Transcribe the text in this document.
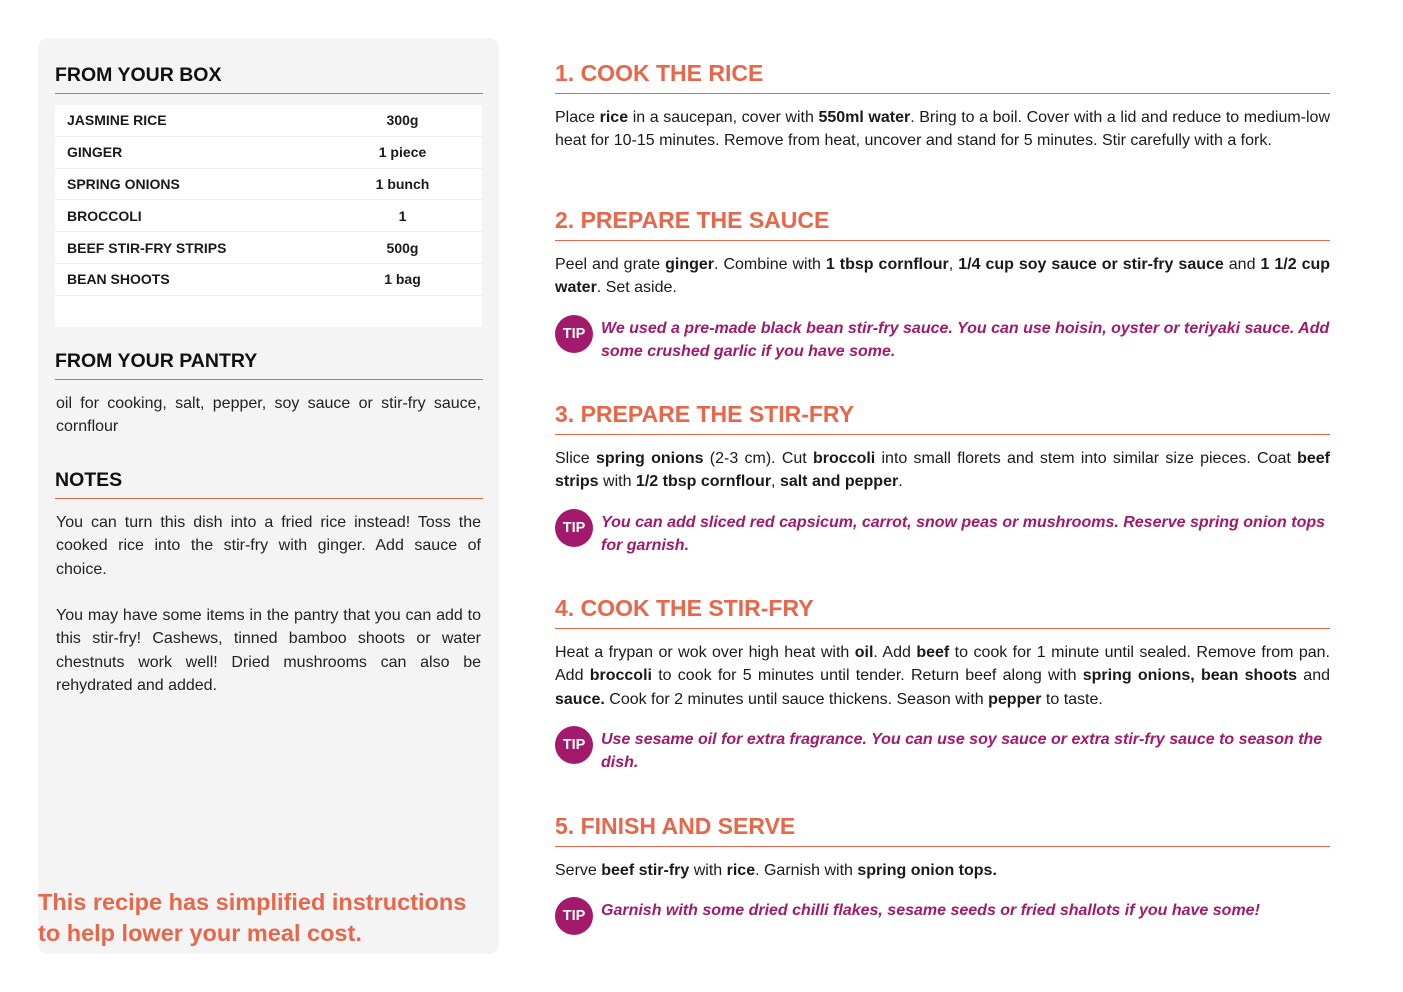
FROM YOUR BOX
JASMINE RICE	300g
GINGER	1 piece
SPRING ONIONS	1 bunch
BROCCOLI	1
BEEF STIR-FRY STRIPS	500g
BEAN SHOOTS	1 bag
FROM YOUR PANTRY
oil for cooking, salt, pepper, soy sauce or stir-fry sauce, cornflour
NOTES
You can turn this dish into a fried rice instead! Toss the cooked rice into the stir-fry with ginger. Add sauce of choice.
You may have some items in the pantry that you can add to this stir-fry! Cashews, tinned bamboo shoots or water chestnuts work well! Dried mushrooms can also be rehydrated and added.
This recipe has simplified instructions to help lower your meal cost.
1. COOK THE RICE
Place rice in a saucepan, cover with 550ml water. Bring to a boil. Cover with a lid and reduce to medium-low heat for 10-15 minutes. Remove from heat, uncover and stand for 5 minutes. Stir carefully with a fork.
2. PREPARE THE SAUCE
Peel and grate ginger. Combine with 1 tbsp cornflour, 1/4 cup soy sauce or stir-fry sauce and 1 1/2 cup water. Set aside.
TIP We used a pre-made black bean stir-fry sauce. You can use hoisin, oyster or teriyaki sauce. Add some crushed garlic if you have some.
3. PREPARE THE STIR-FRY
Slice spring onions (2-3 cm). Cut broccoli into small florets and stem into similar size pieces. Coat beef strips with 1/2 tbsp cornflour, salt and pepper.
TIP You can add sliced red capsicum, carrot, snow peas or mushrooms. Reserve spring onion tops for garnish.
4. COOK THE STIR-FRY
Heat a frypan or wok over high heat with oil. Add beef to cook for 1 minute until sealed. Remove from pan. Add broccoli to cook for 5 minutes until tender. Return beef along with spring onions, bean shoots and sauce. Cook for 2 minutes until sauce thickens. Season with pepper to taste.
TIP Use sesame oil for extra fragrance. You can use soy sauce or extra stir-fry sauce to season the dish.
5. FINISH AND SERVE
Serve beef stir-fry with rice. Garnish with spring onion tops.
TIP Garnish with some dried chilli flakes, sesame seeds or fried shallots if you have some!
